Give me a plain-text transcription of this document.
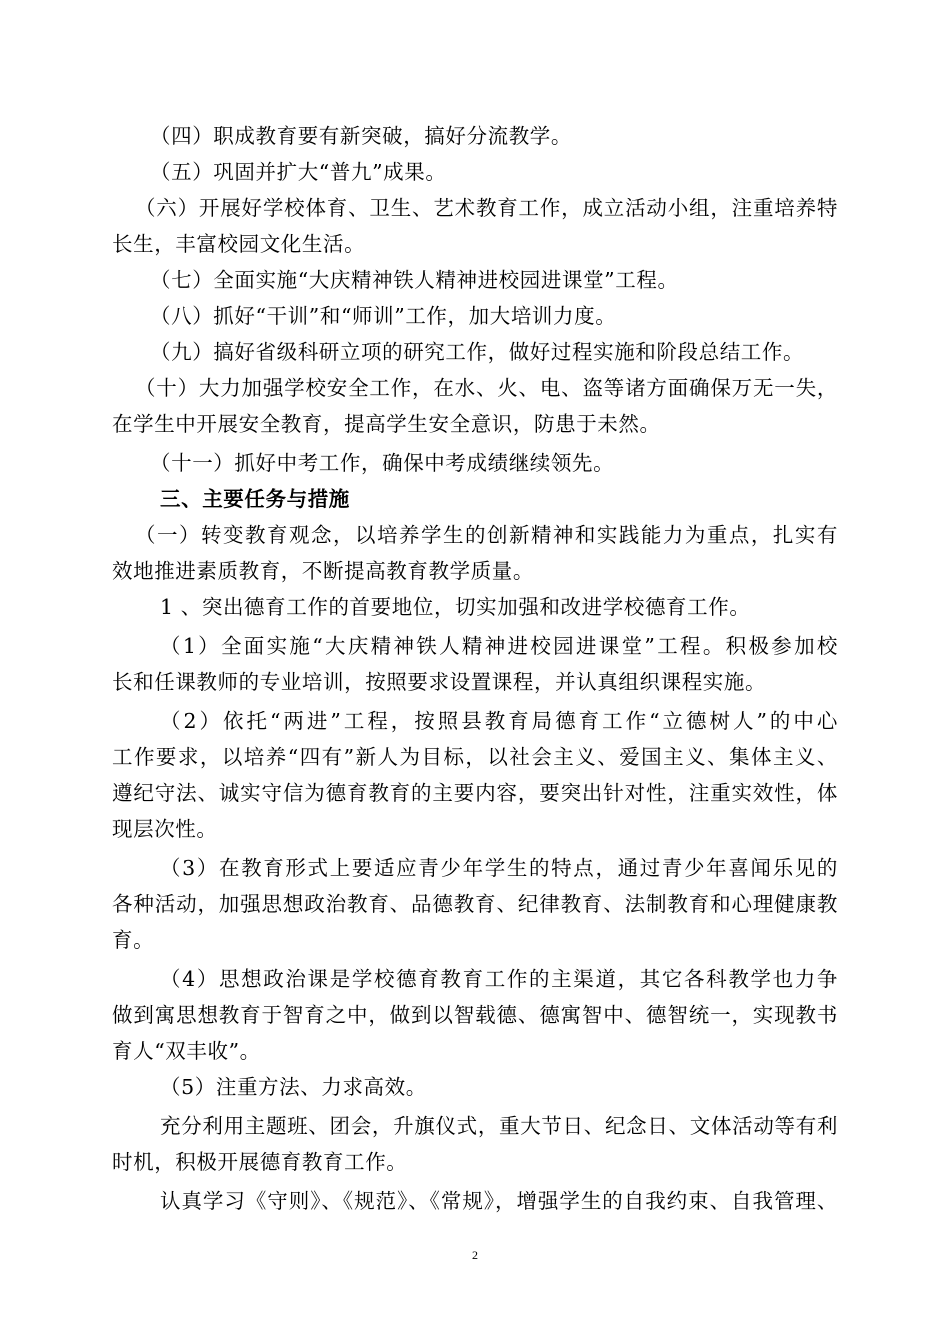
（四）职成教育要有新突破，搞好分流教学。
（五）巩固并扩大“普九”成果。
（六）开展好学校体育、卫生、艺术教育工作，成立活动小组，注重培养特
长生，丰富校园文化生活。
（七）全面实施“大庆精神铁人精神进校园进课堂”工程。
（八）抓好“干训”和“师训”工作，加大培训力度。
（九）搞好省级科研立项的研究工作，做好过程实施和阶段总结工作。
（十）大力加强学校安全工作，在水、火、电、盗等诸方面确保万无一失，
在学生中开展安全教育，提高学生安全意识，防患于未然。
（十一）抓好中考工作，确保中考成绩继续领先。
三、主要任务与措施
（一）转变教育观念，以培养学生的创新精神和实践能力为重点，扎实有
效地推进素质教育，不断提高教育教学质量。
1 、突出德育工作的首要地位，切实加强和改进学校德育工作。
（1）全面实施“大庆精神铁人精神进校园进课堂”工程。积极参加校
长和任课教师的专业培训，按照要求设置课程，并认真组织课程实施。
（2）依托“两进”工程，按照县教育局德育工作“立德树人”的中心
工作要求，以培养“四有”新人为目标，以社会主义、爱国主义、集体主义、
遵纪守法、诚实守信为德育教育的主要内容，要突出针对性，注重实效性，体
现层次性。
（3）在教育形式上要适应青少年学生的特点，通过青少年喜闻乐见的
各种活动，加强思想政治教育、品德教育、纪律教育、法制教育和心理健康教
育。
（4）思想政治课是学校德育教育工作的主渠道，其它各科教学也力争
做到寓思想教育于智育之中，做到以智载德、德寓智中、德智统一，实现教书
育人“双丰收”。
（5）注重方法、力求高效。
充分利用主题班、团会，升旗仪式，重大节日、纪念日、文体活动等有利
时机，积极开展德育教育工作。
认真学习《守则》、《规范》、《常规》，增强学生的自我约束、自我管理、
2
